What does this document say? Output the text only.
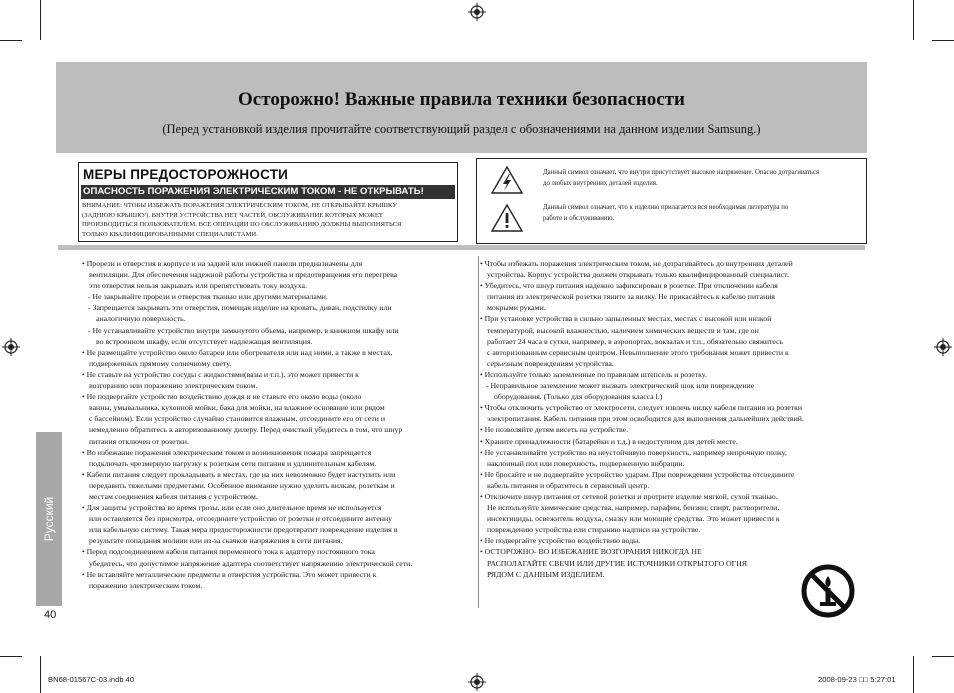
Осторожно! Важные правила техники безопасности
(Перед установкой изделия прочитайте соответствующий раздел с обозначениями на данном изделии Samsung.)
МЕРЫ ПРЕДОСТОРОЖНОСТИ
ОПАСНОСТЬ ПОРАЖЕНИЯ ЭЛЕКТРИЧЕСКИМ ТОКОМ - НЕ ОТКРЫВАТЬ!
ВНИМАНИЕ: ЧТОБЫ ИЗБЕЖАТЬ ПОРАЖЕНИЯ ЭЛЕКТРИЧЕСКИМ ТОКОМ, НЕ ОТКРЫВАЙТЕ КРЫШКУ
(ЗАДНЮЮ КРЫШКУ). ВНУТРИ УСТРОЙСТВА НЕТ ЧАСТЕЙ, ОБСЛУЖИВАНИЕ КОТОРЫХ МОЖЕТ
ПРОИЗВОДИТЬСЯ ПОЛЬЗОВАТЕЛЕМ. ВСЕ ОПЕРАЦИИ ПО ОБСЛУЖИВАНИЮ ДОЛЖНЫ ВЫПОЛНЯТЬСЯ
ТОЛЬКО КВАЛИФИЦИРОВАННЫМИ СПЕЦИАЛИСТАМИ.
Данный символ означает, что внутри присутствует высокое напряжение. Опасно дотрагиваться
до любых внутренних деталей изделия.
Данный символ означает, что к изделию прилагается вся необходимая литература по
работе и обслуживанию.
• Прорези и отверстия в корпусе и на задней или нижней панели предназначены для
вентиляции. Для обеспечения надежной работы устройства и предотвращения его перегрева
эти отверстия нельзя закрывать или препятствовать току воздуха.
- Не закрывайте прорези и отверстия тканью или другими материалами.
- Запрещается закрывать эти отверстия, помещая изделие на кровать, диван, подстилку или
аналогичную поверхность.
- Не устанавливайте устройство внутри замкнутого объема, например, в книжном шкафу или
во встроенном шкафу, если отсутствует надлежащая вентиляция.
• Не размещайте устройство около батареи или обогревателя или над ними, а также в местах,
подверженных прямому солнечному свету.
• Не ставьте на устройство сосуды с жидкостями(вазы и т.п.), это может привести к
возгоранию или поражению электрическим током.
• Не подвергайте устройство воздействию дождя и не ставьте его около воды (около
ванны, умывальника, кухонной мойки, бака для мойки, на влажное основание или рядом
с бассейном). Если устройство случайно становится влажным, отсоедините его от сети и
немедленно обратитесь к авторизованному дилеру. Перед очисткой убедитесь в том, что шнур
питания отключен от розетки.
• Во избежание поражения электрическим током и возникновения пожара запрещается
подключать чрезмерную нагрузку к розеткам сети питания и удлинительным кабелям.
• Кабели питания следует прокладывать в местах, где на них невозможно будет наступить или
передавить тяжелыми предметами. Особенное внимание нужно уделить вилкам, розеткам и
местам соединения кабеля питания с устройством.
• Для защиты устройства во время грозы, или если оно длительное время не используется
или оставляется без присмотра, отсоедините устройство от розетки и отсоедините антенну
или кабельную систему. Такая мера предосторожности предотвратит повреждение изделия в
результате попадания молнии или из-за скачков напряжения в сети питания.
• Перед подсоединением кабеля питания переменного тока к адаптеру постоянного тока
убедитесь, что допустимое напряжение адаптера соответствует напряжению электрической сети.
• Не вставляйте металлические предметы в отверстия устройства. Это может привести к
поражению электрическим током.
• Чтобы избежать поражения электрическим током, не дотрагивайтесь до внутренних деталей
устройства. Корпус устройства должен открывать только квалифицированный специалист.
• Убедитесь, что шнур питания надежно зафиксирован в розетке. При отключении кабеля
питания из электрической розетки тяните за вилку. Не прикасайтесь к кабелю питания
мокрыми руками.
• При установке устройства в сильно запыленных местах, местах с высокой или низкой
температурой, высокой влажностью, наличием химических веществ и там, где он
работает 24 часа в сутки, например, в аэропортах, вокзалах и т.п., обязательно свяжитесь
с авторизованным сервисным центром. Невыполнение этого требования может привести к
серьезным повреждениям устройства.
• Используйте только заземленные по правилам штепсель и розетку.
- Неправильное заземление может вызвать электрический шок или повреждение
оборудования. (Только для оборудования класса l.)
• Чтобы отключить устройство от электросети, следует извлечь вилку кабеля питания из розетки
электропитания. Кабель питания при этом освободится для выполнения дальнейших действий.
• Не позволяйте детям висеть на устройстве.
• Храните принадлежности (батарейки и т.д.) в недоступном для детей месте.
• Не устанавливайте устройство на неустойчивую поверхность, например непрочную полку,
наклонный пол или поверхность, подверженную вибрации.
• Не бросайте и не подвергайте устройство ударам. При повреждении устройства отсоедините
кабель питания и обратитесь в сервисный центр.
• Отключите шнур питания от сетевой розетки и протрите изделие мягкой, сухой тканью.
Не используйте химические средства, например, парафин, бензин; спирт, растворители,
инсектициды, освежитель воздуха, смазку или моющие средства. Это может привести к
повреждению устройства или стиранию надписи на устройстве.
• Не подвергайте устройство воздействию воды.
• ОСТОРОЖНО- ВО ИЗБЕЖАНИЕ ВОЗГОРАНИЯ НИКОГДА НЕ
РАСПОЛАГАЙТЕ СВЕЧИ ИЛИ ДРУГИЕ ИСТОЧНИКИ ОТКРЫТОГО ОГНЯ
РЯДОМ С ДАННЫМ ИЗДЕЛИЕМ.
Русский
40
BN68-01567C-03.indb 40	2008-09-23 □□ 5:27:01
